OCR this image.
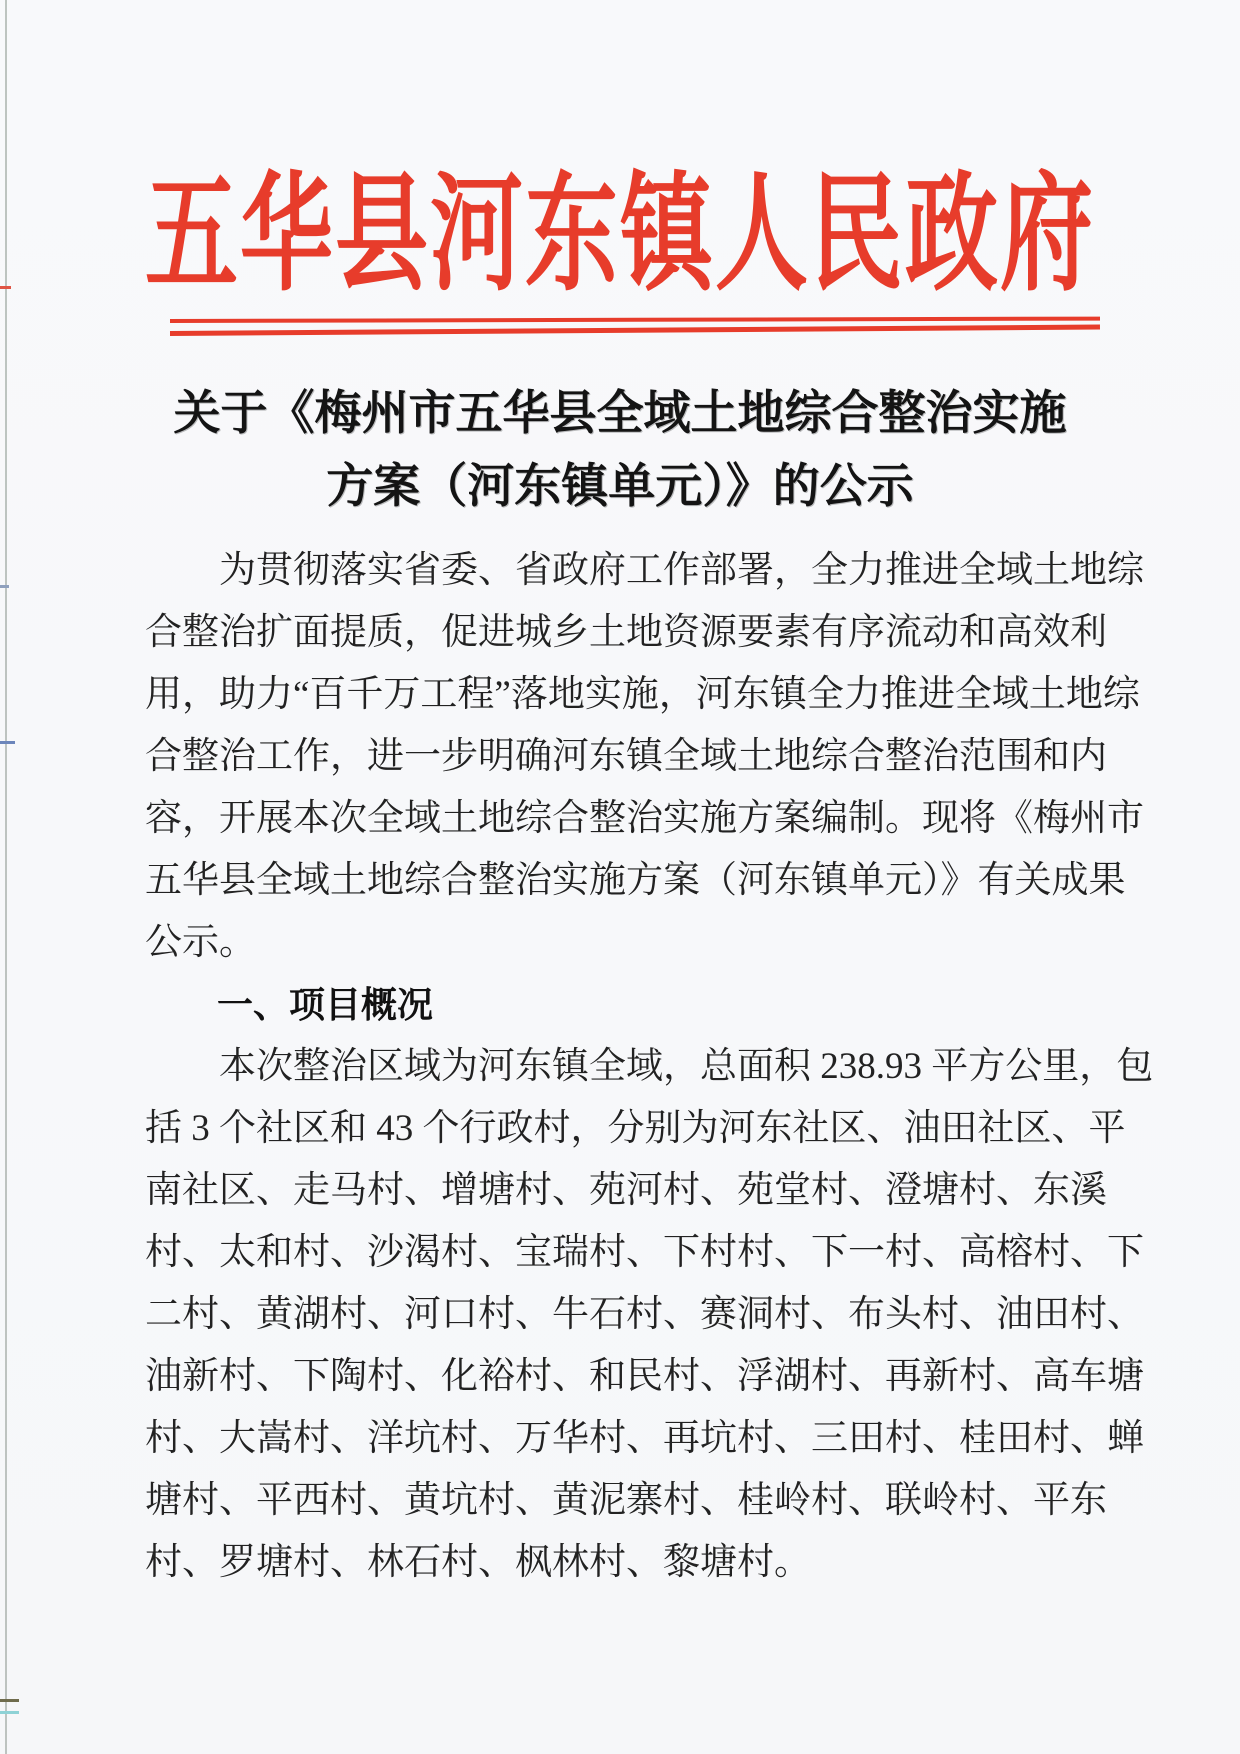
五华县河东镇人民政府
关于《梅州市五华县全域土地综合整治实施
方案（河东镇单元）》的公示
为贯彻落实省委、省政府工作部署，全力推进全域土地综
合整治扩面提质，促进城乡土地资源要素有序流动和高效利
用，助力“百千万工程”落地实施，河东镇全力推进全域土地综
合整治工作，进一步明确河东镇全域土地综合整治范围和内
容，开展本次全域土地综合整治实施方案编制。现将《梅州市
五华县全域土地综合整治实施方案（河东镇单元）》有关成果
公示。
一、项目概况
本次整治区域为河东镇全域，总面积 238.93 平方公里，包
括 3 个社区和 43 个行政村，分别为河东社区、油田社区、平
南社区、走马村、增塘村、苑河村、苑堂村、澄塘村、东溪
村、太和村、沙渴村、宝瑞村、下村村、下一村、高榕村、下
二村、黄湖村、河口村、牛石村、赛洞村、布头村、油田村、
油新村、下陶村、化裕村、和民村、浮湖村、再新村、高车塘
村、大嵩村、洋坑村、万华村、再坑村、三田村、桂田村、蝉
塘村、平西村、黄坑村、黄泥寨村、桂岭村、联岭村、平东
村、罗塘村、林石村、枫林村、黎塘村。
